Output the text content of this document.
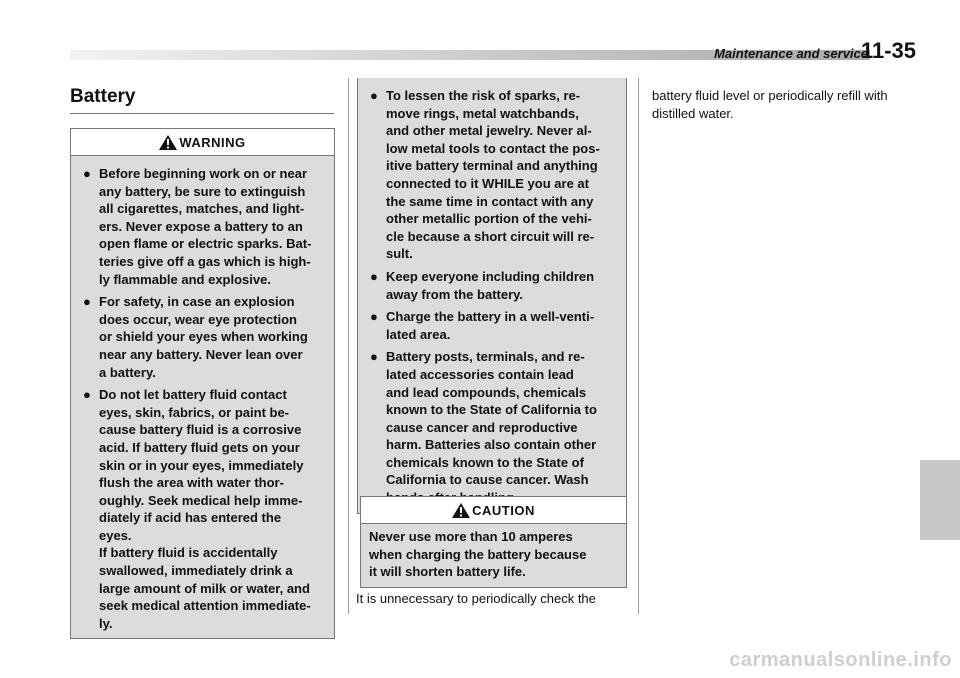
Maintenance and service
11-35
Battery
WARNING
● Before beginning work on or near
any battery, be sure to extinguish
all cigarettes, matches, and light-
ers. Never expose a battery to an
open flame or electric sparks. Bat-
teries give off a gas which is high-
ly flammable and explosive.
● For safety, in case an explosion
does occur, wear eye protection
or shield your eyes when working
near any battery. Never lean over
a battery.
● Do not let battery fluid contact
eyes, skin, fabrics, or paint be-
cause battery fluid is a corrosive
acid. If battery fluid gets on your
skin or in your eyes, immediately
flush the area with water thor-
oughly. Seek medical help imme-
diately if acid has entered the
eyes.
If battery fluid is accidentally
swallowed, immediately drink a
large amount of milk or water, and
seek medical attention immediate-
ly.
● To lessen the risk of sparks, re-
move rings, metal watchbands,
and other metal jewelry. Never al-
low metal tools to contact the pos-
itive battery terminal and anything
connected to it WHILE you are at
the same time in contact with any
other metallic portion of the vehi-
cle because a short circuit will re-
sult.
● Keep everyone including children
away from the battery.
● Charge the battery in a well-venti-
lated area.
● Battery posts, terminals, and re-
lated accessories contain lead
and lead compounds, chemicals
known to the State of California to
cause cancer and reproductive
harm. Batteries also contain other
chemicals known to the State of
California to cause cancer. Wash
CAUTION
Never use more than 10 amperes
when charging the battery because
it will shorten battery life.
It is unnecessary to periodically check the
battery fluid level or periodically refill with
distilled water.
carmanualsonline.info
